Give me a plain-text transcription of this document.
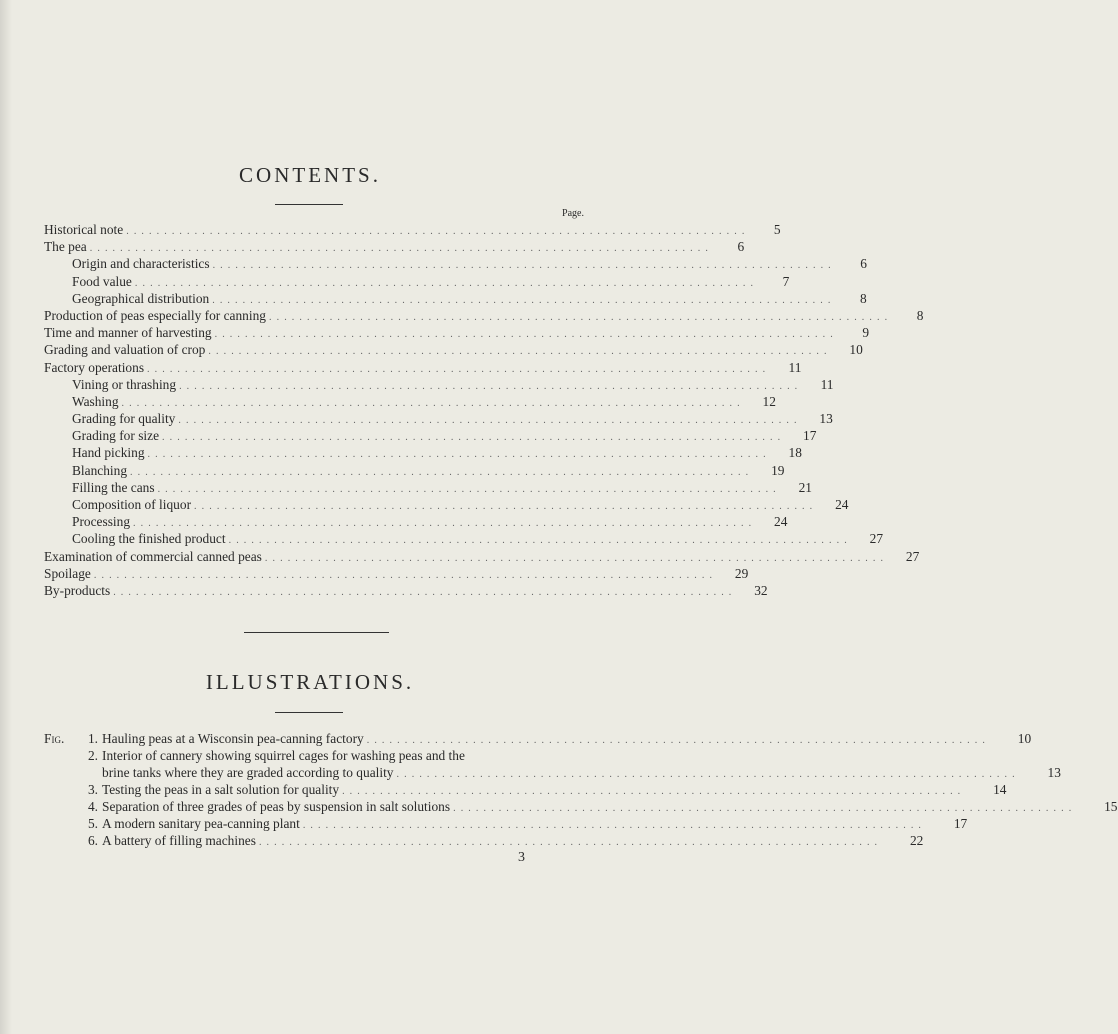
CONTENTS.
Page.
Historical note . . . . . . . . . . . . . . . . . . . . . . . . . . . . . . . . . . . . . . . . . . . . . . . . . . . . . . . . . . . . . . . . . . . . . . . . . . . . . . . . . .	5
The pea . . . . . . . . . . . . . . . . . . . . . . . . . . . . . . . . . . . . . . . . . . . . . . . . . . . . . . . . . . . . . . . . . . . . . . . . . . . . . . . . . .	6
Origin and characteristics . . . . . . . . . . . . . . . . . . . . . . . . . . . . . . . . . . . . . . . . . . . . . . . . . . . . . . . . . . . . . . . . . . . . . . . . . . . . . . . . . .	6
Food value . . . . . . . . . . . . . . . . . . . . . . . . . . . . . . . . . . . . . . . . . . . . . . . . . . . . . . . . . . . . . . . . . . . . . . . . . . . . . . . . . .	7
Geographical distribution . . . . . . . . . . . . . . . . . . . . . . . . . . . . . . . . . . . . . . . . . . . . . . . . . . . . . . . . . . . . . . . . . . . . . . . . . . . . . . . . . .	8
Production of peas especially for canning . . . . . . . . . . . . . . . . . . . . . . . . . . . . . . . . . . . . . . . . . . . . . . . . . . . . . . . . . . . . . . . . . . . . . . . . . . . . . . . . . .	8
Time and manner of harvesting . . . . . . . . . . . . . . . . . . . . . . . . . . . . . . . . . . . . . . . . . . . . . . . . . . . . . . . . . . . . . . . . . . . . . . . . . . . . . . . . . .	9
Grading and valuation of crop . . . . . . . . . . . . . . . . . . . . . . . . . . . . . . . . . . . . . . . . . . . . . . . . . . . . . . . . . . . . . . . . . . . . . . . . . . . . . . . . . .	10
Factory operations . . . . . . . . . . . . . . . . . . . . . . . . . . . . . . . . . . . . . . . . . . . . . . . . . . . . . . . . . . . . . . . . . . . . . . . . . . . . . . . . . .	11
Vining or thrashing . . . . . . . . . . . . . . . . . . . . . . . . . . . . . . . . . . . . . . . . . . . . . . . . . . . . . . . . . . . . . . . . . . . . . . . . . . . . . . . . . .	11
Washing . . . . . . . . . . . . . . . . . . . . . . . . . . . . . . . . . . . . . . . . . . . . . . . . . . . . . . . . . . . . . . . . . . . . . . . . . . . . . . . . . .	12
Grading for quality . . . . . . . . . . . . . . . . . . . . . . . . . . . . . . . . . . . . . . . . . . . . . . . . . . . . . . . . . . . . . . . . . . . . . . . . . . . . . . . . . .	13
Grading for size . . . . . . . . . . . . . . . . . . . . . . . . . . . . . . . . . . . . . . . . . . . . . . . . . . . . . . . . . . . . . . . . . . . . . . . . . . . . . . . . . .	17
Hand picking . . . . . . . . . . . . . . . . . . . . . . . . . . . . . . . . . . . . . . . . . . . . . . . . . . . . . . . . . . . . . . . . . . . . . . . . . . . . . . . . . .	18
Blanching . . . . . . . . . . . . . . . . . . . . . . . . . . . . . . . . . . . . . . . . . . . . . . . . . . . . . . . . . . . . . . . . . . . . . . . . . . . . . . . . . .	19
Filling the cans . . . . . . . . . . . . . . . . . . . . . . . . . . . . . . . . . . . . . . . . . . . . . . . . . . . . . . . . . . . . . . . . . . . . . . . . . . . . . . . . . .	21
Composition of liquor . . . . . . . . . . . . . . . . . . . . . . . . . . . . . . . . . . . . . . . . . . . . . . . . . . . . . . . . . . . . . . . . . . . . . . . . . . . . . . . . . .	24
Processing . . . . . . . . . . . . . . . . . . . . . . . . . . . . . . . . . . . . . . . . . . . . . . . . . . . . . . . . . . . . . . . . . . . . . . . . . . . . . . . . . .	24
Cooling the finished product . . . . . . . . . . . . . . . . . . . . . . . . . . . . . . . . . . . . . . . . . . . . . . . . . . . . . . . . . . . . . . . . . . . . . . . . . . . . . . . . . .	27
Examination of commercial canned peas . . . . . . . . . . . . . . . . . . . . . . . . . . . . . . . . . . . . . . . . . . . . . . . . . . . . . . . . . . . . . . . . . . . . . . . . . . . . . . . . . .	27
Spoilage . . . . . . . . . . . . . . . . . . . . . . . . . . . . . . . . . . . . . . . . . . . . . . . . . . . . . . . . . . . . . . . . . . . . . . . . . . . . . . . . . .	29
By-products . . . . . . . . . . . . . . . . . . . . . . . . . . . . . . . . . . . . . . . . . . . . . . . . . . . . . . . . . . . . . . . . . . . . . . . . . . . . . . . . . .	32
ILLUSTRATIONS.
Fig.	1. Hauling peas at a Wisconsin pea-canning factory . . . . . . . . . . . . . . . . . . . . . . . . . . . . . . . . . . . . . . . . . . . . . . . . . . . . . . . . . . . . . . . . . . . . . . . . . . . . . . . . . .	10
2. Interior of cannery showing squirrel cages for washing peas and the
brine tanks where they are graded according to quality . . . . . . . . . . . . . . . . . . . . . . . . . . . . . . . . . . . . . . . . . . . . . . . . . . . . . . . . . . . . . . . . . . . . . . . . . . . . . . . . . .	13
3. Testing the peas in a salt solution for quality . . . . . . . . . . . . . . . . . . . . . . . . . . . . . . . . . . . . . . . . . . . . . . . . . . . . . . . . . . . . . . . . . . . . . . . . . . . . . . . . . .	14
4. Separation of three grades of peas by suspension in salt solutions . . . . . . . . . . . . . . . . . . . . . . . . . . . . . . . . . . . . . . . . . . . . . . . . . . . . . . . . . . . . . . . . . . . . . . . . . . . . . . . . . .	15
5. A modern sanitary pea-canning plant . . . . . . . . . . . . . . . . . . . . . . . . . . . . . . . . . . . . . . . . . . . . . . . . . . . . . . . . . . . . . . . . . . . . . . . . . . . . . . . . . .	17
6. A battery of filling machines . . . . . . . . . . . . . . . . . . . . . . . . . . . . . . . . . . . . . . . . . . . . . . . . . . . . . . . . . . . . . . . . . . . . . . . . . . . . . . . . . .	22
3
